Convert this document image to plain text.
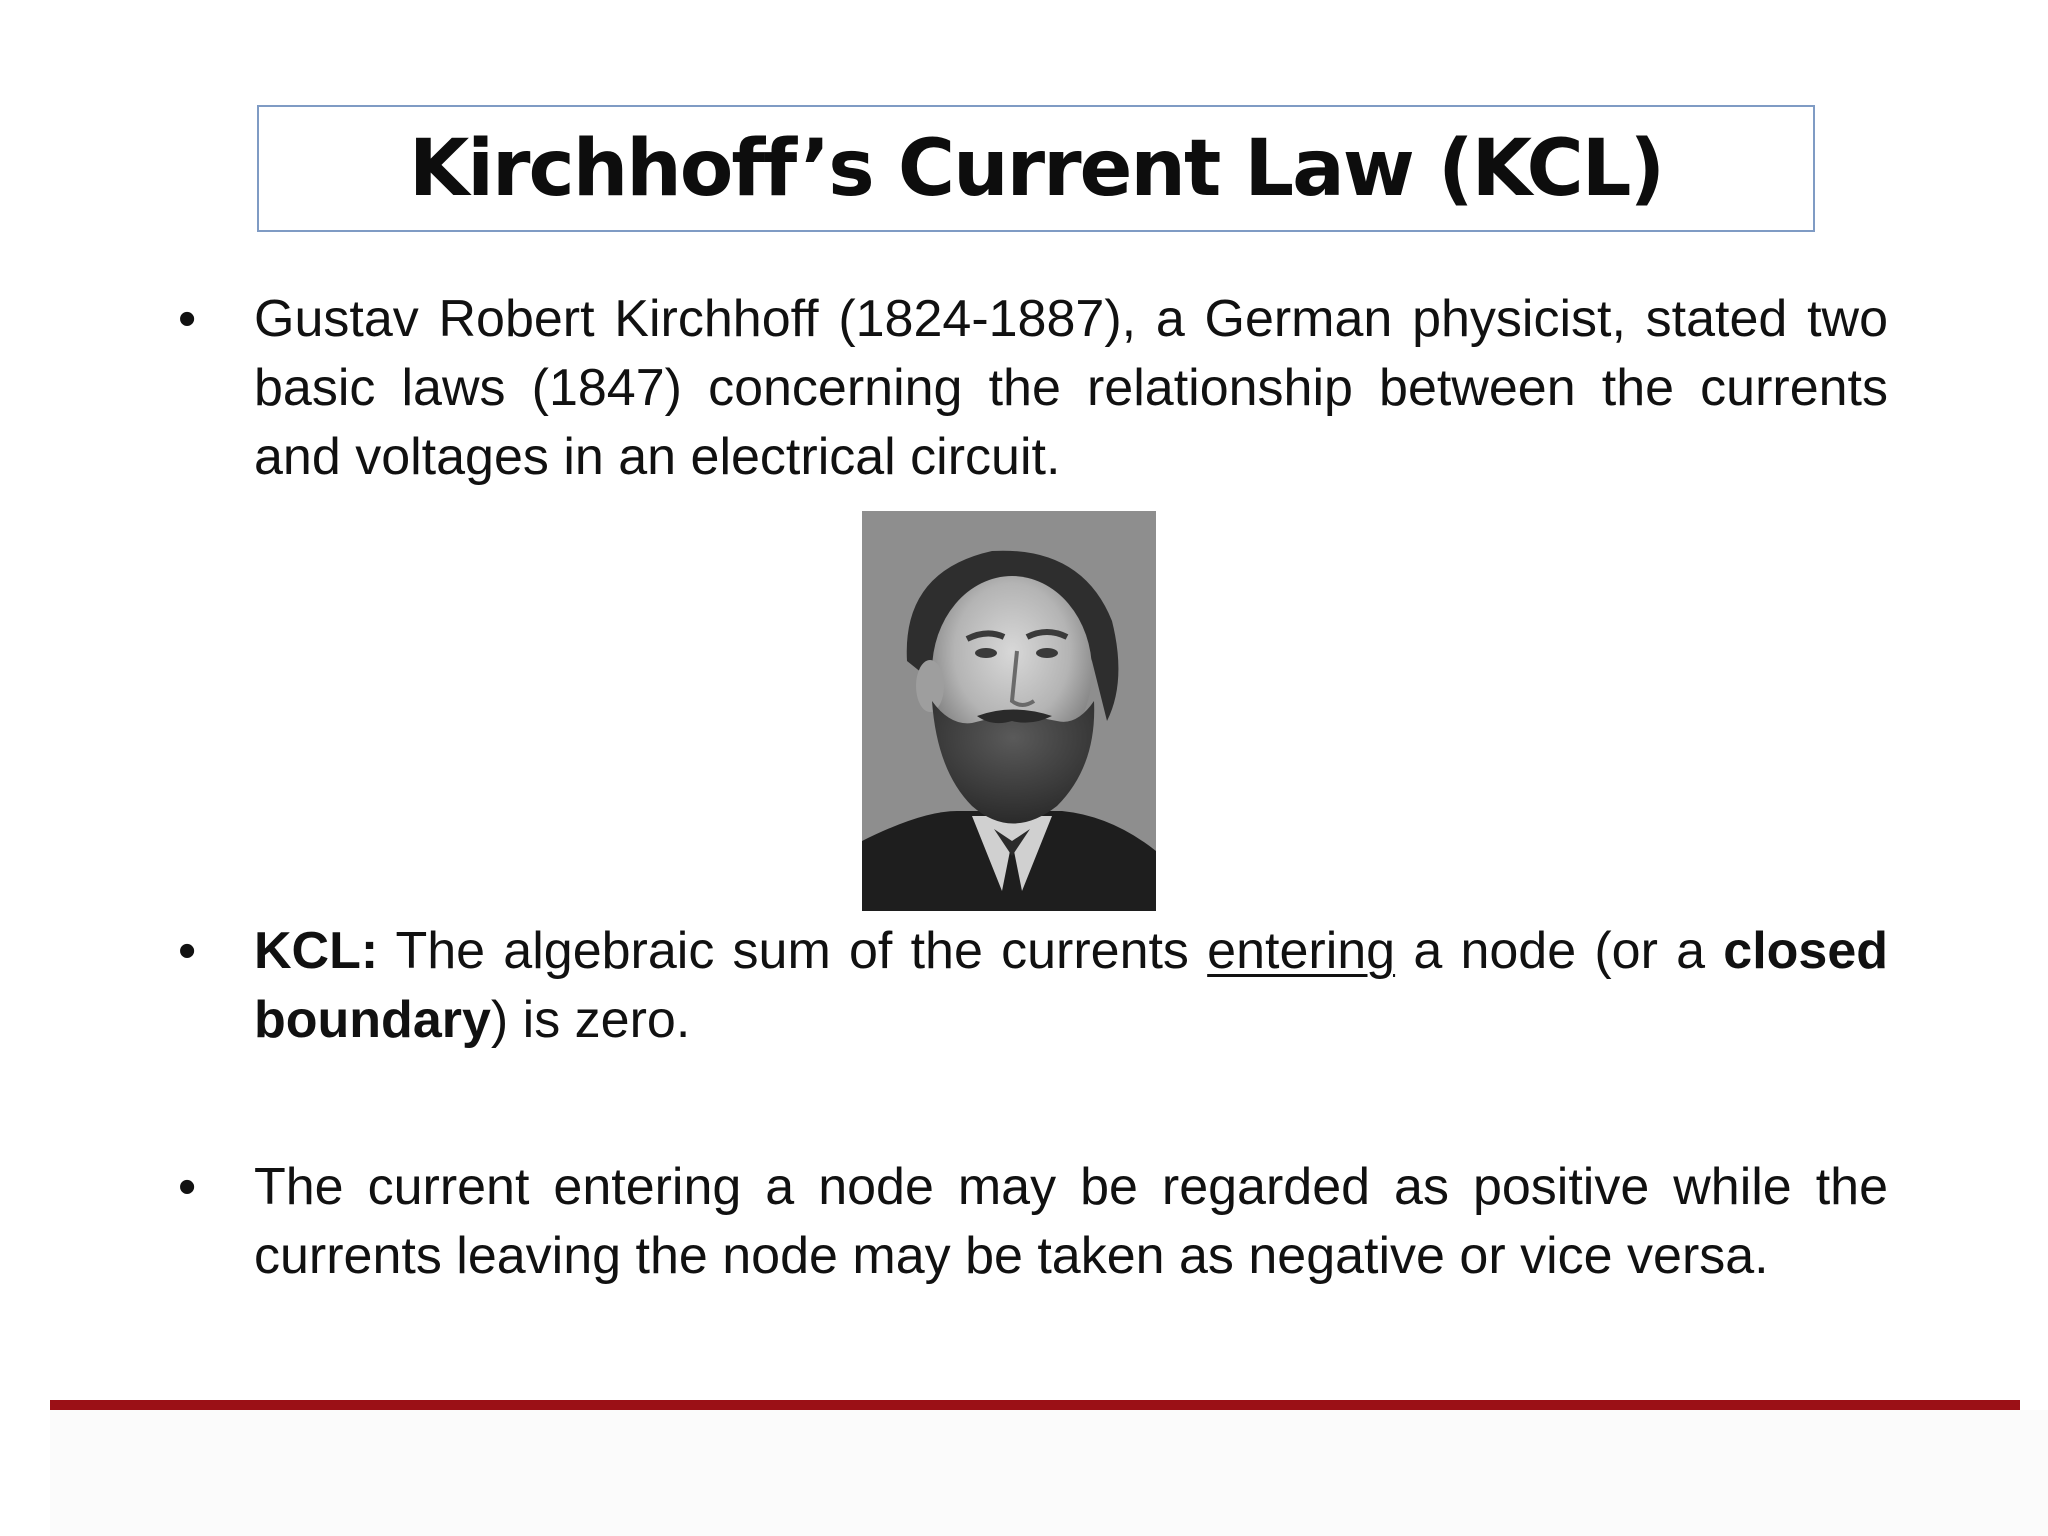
Kirchhoff’s Current Law (KCL)
• Gustav Robert Kirchhoff (1824-1887), a German physicist, stated two basic laws (1847) concerning the relationship between the currents and voltages in an electrical circuit.
• KCL: The algebraic sum of the currents entering a node (or a closed boundary) is zero.
• The current entering a node may be regarded as positive while the currents leaving the node may be taken as negative or vice versa.
